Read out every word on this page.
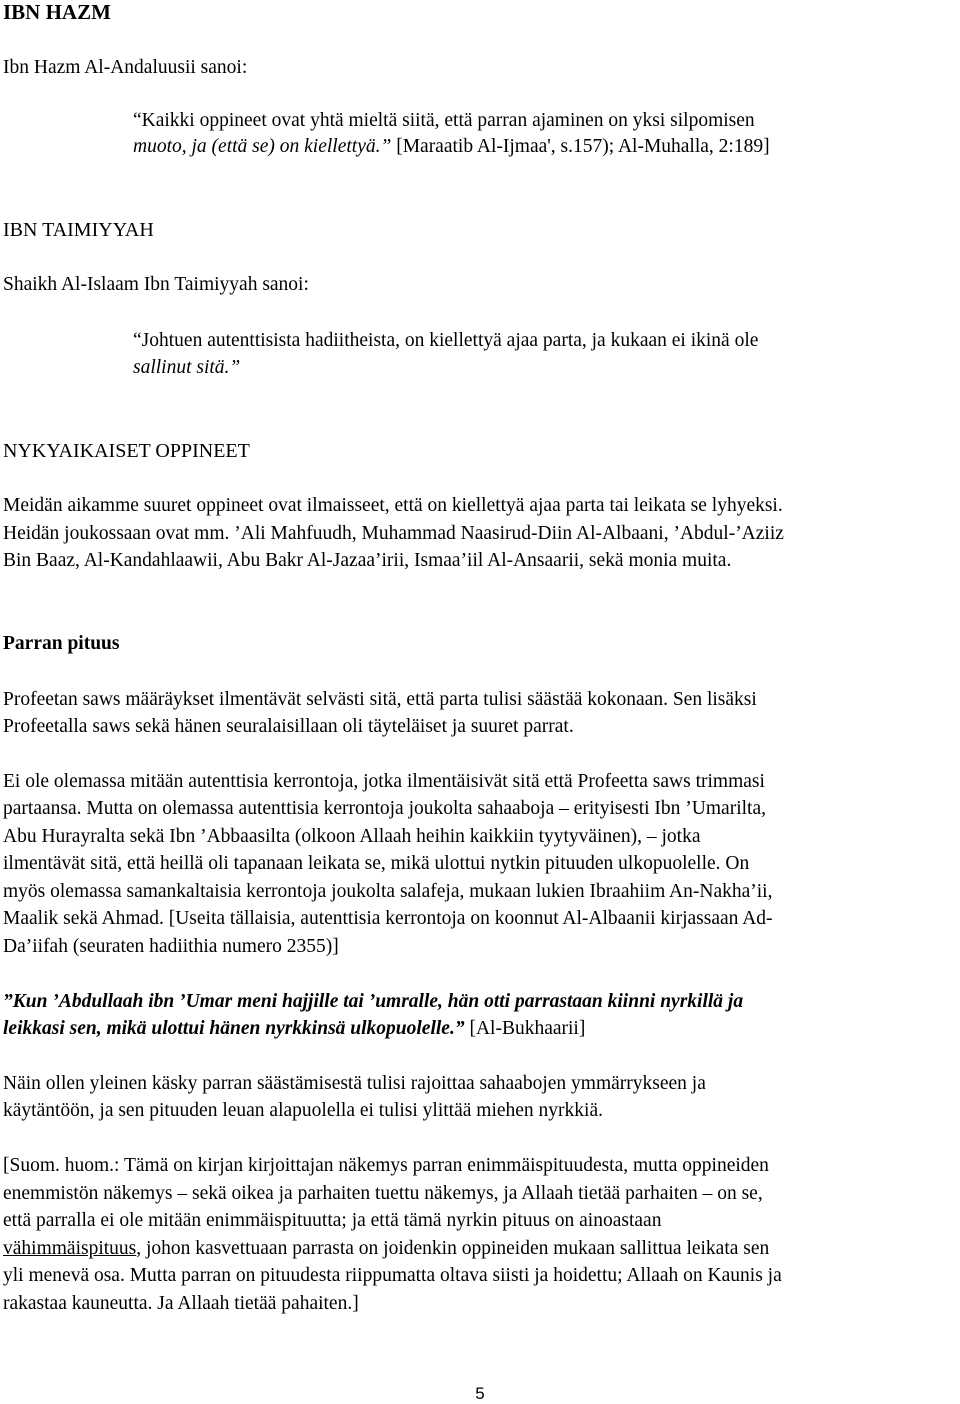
IBN HAZM
Ibn Hazm Al-Andaluusii sanoi:
“Kaikki oppineet ovat yhtä mieltä siitä, että parran ajaminen on yksi silpomisen
muoto, ja (että se) on kiellettyä.” [Maraatib Al-Ijmaa', s.157); Al-Muhalla, 2:189]
IBN TAIMIYYAH
Shaikh Al-Islaam Ibn Taimiyyah sanoi:
“Johtuen autenttisista hadiitheista, on kiellettyä ajaa parta, ja kukaan ei ikinä ole
sallinut sitä.”
NYKYAIKAISET OPPINEET
Meidän aikamme suuret oppineet ovat ilmaisseet, että on kiellettyä ajaa parta tai leikata se lyhyeksi.
Heidän joukossaan ovat mm. ’Ali Mahfuudh, Muhammad Naasirud-Diin Al-Albaani, ’Abdul-’Aziiz
Bin Baaz, Al-Kandahlaawii, Abu Bakr Al-Jazaa’irii, Ismaa’iil Al-Ansaarii, sekä monia muita.
Parran pituus
Profeetan saws määräykset ilmentävät selvästi sitä, että parta tulisi säästää kokonaan. Sen lisäksi
Profeetalla saws sekä hänen seuralaisillaan oli täyteläiset ja suuret parrat.
Ei ole olemassa mitään autenttisia kerrontoja, jotka ilmentäisivät sitä että Profeetta saws trimmasi
partaansa. Mutta on olemassa autenttisia kerrontoja joukolta sahaaboja – erityisesti Ibn ’Umarilta,
Abu Hurayralta sekä Ibn ’Abbaasilta (olkoon Allaah heihin kaikkiin tyytyväinen), – jotka
ilmentävät sitä, että heillä oli tapanaan leikata se, mikä ulottui nytkin pituuden ulkopuolelle. On
myös olemassa samankaltaisia kerrontoja joukolta salafeja, mukaan lukien Ibraahiim An-Nakha’ii,
Maalik sekä Ahmad. [Useita tällaisia, autenttisia kerrontoja on koonnut Al-Albaanii kirjassaan Ad-
Da’iifah (seuraten hadiithia numero 2355)]
”Kun ’Abdullaah ibn ’Umar meni hajjille tai ’umralle, hän otti parrastaan kiinni nyrkillä ja
leikkasi sen, mikä ulottui hänen nyrkkinsä ulkopuolelle.” [Al-Bukhaarii]
Näin ollen yleinen käsky parran säästämisestä tulisi rajoittaa sahaabojen ymmärrykseen ja
käytäntöön, ja sen pituuden leuan alapuolella ei tulisi ylittää miehen nyrkkiä.
[Suom. huom.: Tämä on kirjan kirjoittajan näkemys parran enimmäispituudesta, mutta oppineiden
enemmistön näkemys – sekä oikea ja parhaiten tuettu näkemys, ja Allaah tietää parhaiten – on se,
että parralla ei ole mitään enimmäispituutta; ja että tämä nyrkin pituus on ainoastaan
vähimmäispituus, johon kasvettuaan parrasta on joidenkin oppineiden mukaan sallittua leikata sen
yli menevä osa. Mutta parran on pituudesta riippumatta oltava siisti ja hoidettu; Allaah on Kaunis ja
rakastaa kauneutta. Ja Allaah tietää pahaiten.]
5
